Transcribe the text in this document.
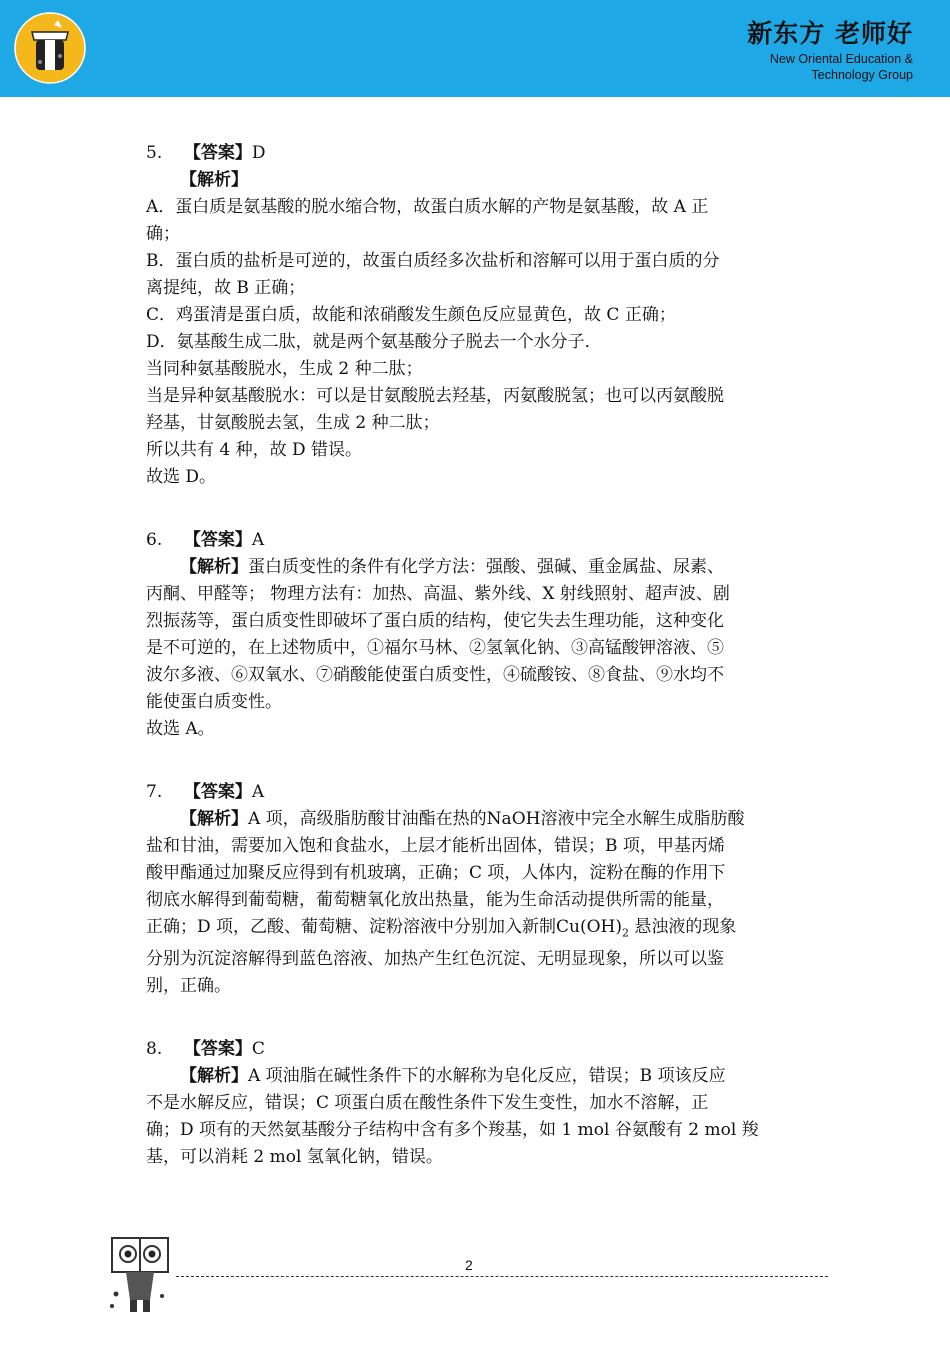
新东方 老师好
New Oriental Education &
Technology Group
5. 【答案】D
【解析】
A．蛋白质是氨基酸的脱水缩合物，故蛋白质水解的产物是氨基酸，故 A 正
确；
B．蛋白质的盐析是可逆的，故蛋白质经多次盐析和溶解可以用于蛋白质的分
离提纯，故 B 正确；
C．鸡蛋清是蛋白质，故能和浓硝酸发生颜色反应显黄色，故 C 正确；
D．氨基酸生成二肽，就是两个氨基酸分子脱去一个水分子．
当同种氨基酸脱水，生成 2 种二肽；
当是异种氨基酸脱水：可以是甘氨酸脱去羟基，丙氨酸脱氢；也可以丙氨酸脱
羟基，甘氨酸脱去氢，生成 2 种二肽；
所以共有 4 种，故 D 错误。
故选 D。
6. 【答案】A
【解析】蛋白质变性的条件有化学方法：强酸、强碱、重金属盐、尿素、
丙酮、甲醛等； 物理方法有：加热、高温、紫外线、X 射线照射、超声波、剧
烈振荡等，蛋白质变性即破坏了蛋白质的结构，使它失去生理功能，这种变化
是不可逆的，在上述物质中，①福尔马林、②氢氧化钠、③高锰酸钾溶液、⑤
波尔多液、⑥双氧水、⑦硝酸能使蛋白质变性，④硫酸铵、⑧食盐、⑨水均不
能使蛋白质变性。
故选 A。
7. 【答案】A
【解析】A 项，高级脂肪酸甘油酯在热的NaOH溶液中完全水解生成脂肪酸
盐和甘油，需要加入饱和食盐水，上层才能析出固体，错误；B 项，甲基丙烯
酸甲酯通过加聚反应得到有机玻璃，正确；C 项，人体内，淀粉在酶的作用下
彻底水解得到葡萄糖，葡萄糖氧化放出热量，能为生命活动提供所需的能量，
正确；D 项，乙酸、葡萄糖、淀粉溶液中分别加入新制$Cu(OH)_2$ 悬浊液的现象
分别为沉淀溶解得到蓝色溶液、加热产生红色沉淀、无明显现象，所以可以鉴
别，正确。
8. 【答案】C
【解析】A 项油脂在碱性条件下的水解称为皂化反应，错误；B 项该反应
不是水解反应，错误；C 项蛋白质在酸性条件下发生变性，加水不溶解，正
确；D 项有的天然氨基酸分子结构中含有多个羧基，如 1 mol 谷氨酸有 2 mol 羧
基，可以消耗 2 mol 氢氧化钠，错误。
2
